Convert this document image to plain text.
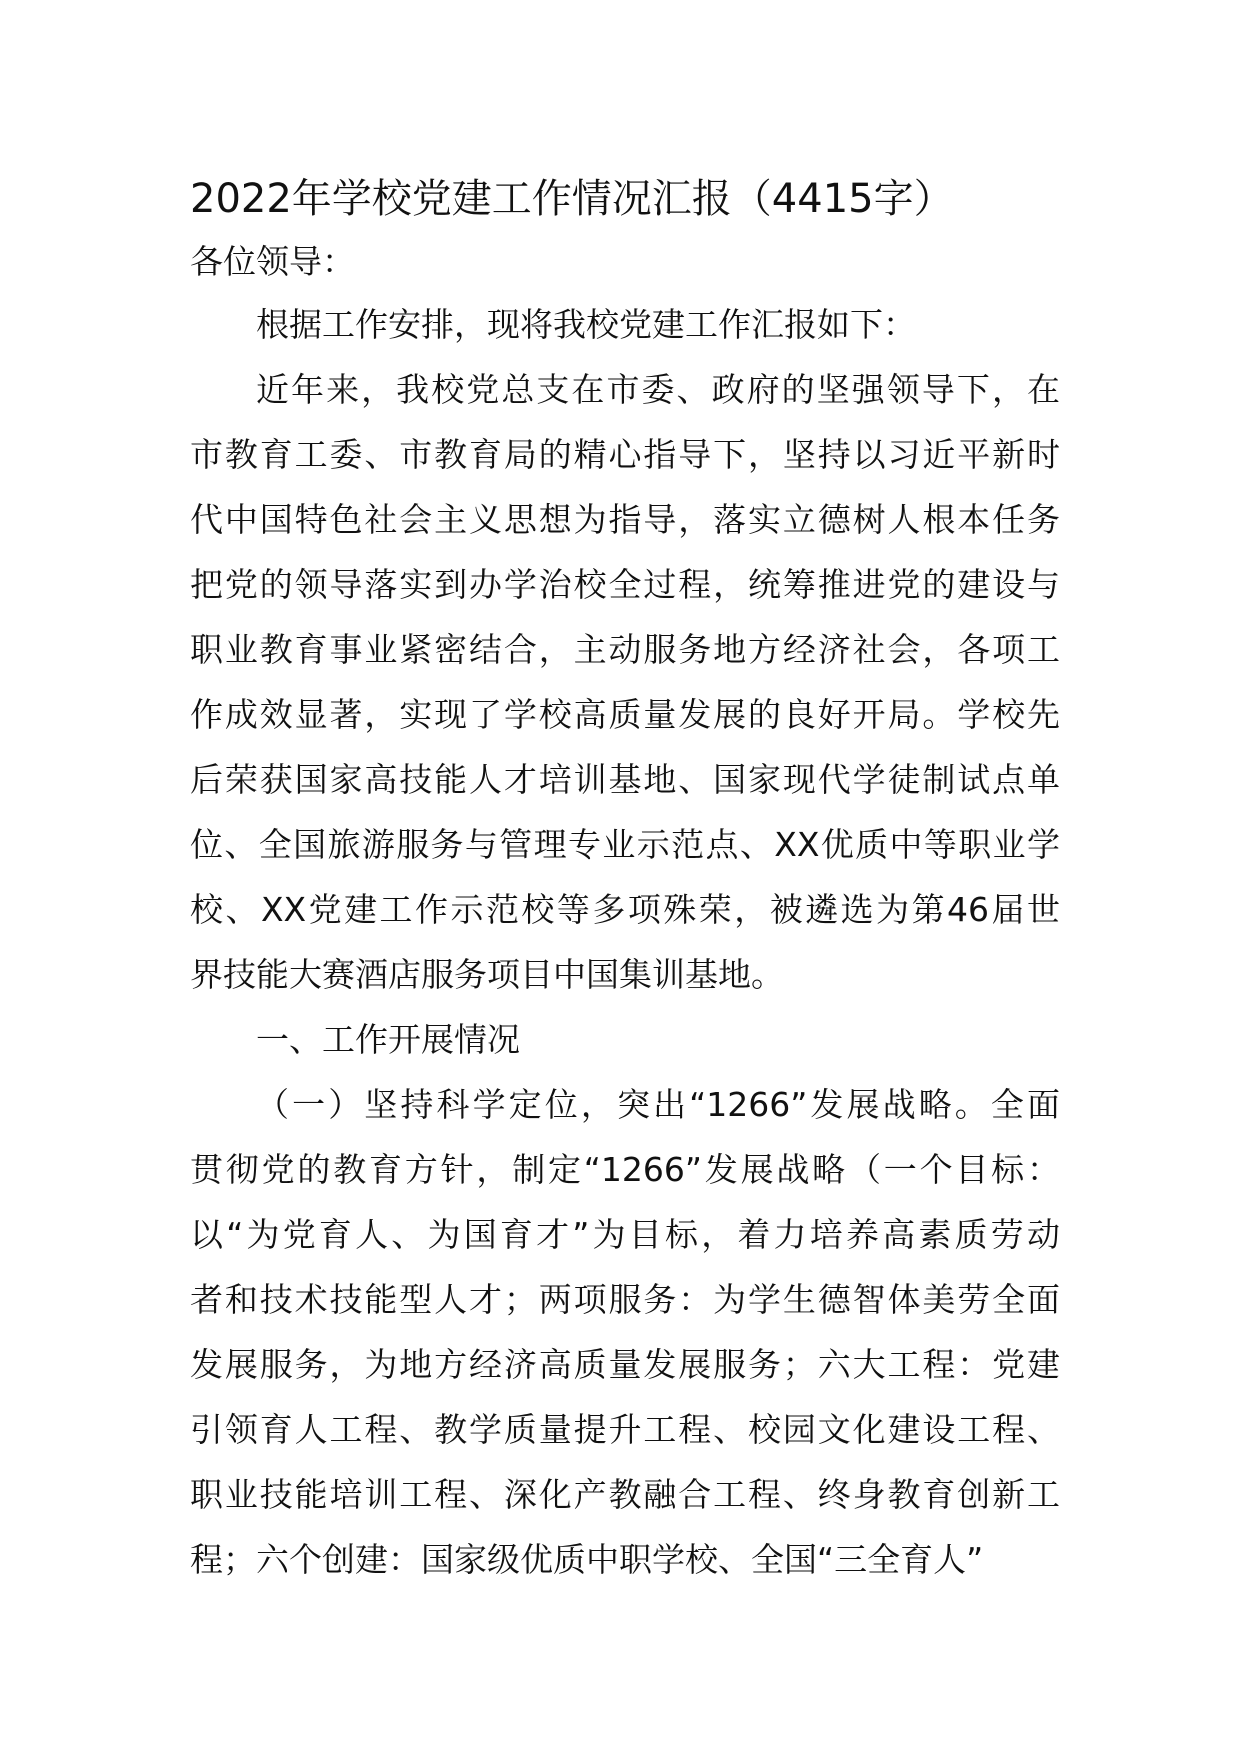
2022年学校党建工作情况汇报（4415字）
各位领导：
根据工作安排，现将我校党建工作汇报如下：
近年来，我校党总支在市委、政府的坚强领导下，在
市教育工委、市教育局的精心指导下，坚持以习近平新时
代中国特色社会主义思想为指导，落实立德树人根本任务
把党的领导落实到办学治校全过程，统筹推进党的建设与
职业教育事业紧密结合，主动服务地方经济社会，各项工
作成效显著，实现了学校高质量发展的良好开局。学校先
后荣获国家高技能人才培训基地、国家现代学徒制试点单
位、全国旅游服务与管理专业示范点、XX优质中等职业学
校、XX党建工作示范校等多项殊荣，被遴选为第46届世
界技能大赛酒店服务项目中国集训基地。
一、工作开展情况
（一）坚持科学定位，突出“1266”发展战略。全面
贯彻党的教育方针，制定“1266”发展战略（一个目标：
以“为党育人、为国育才”为目标，着力培养高素质劳动
者和技术技能型人才；两项服务：为学生德智体美劳全面
发展服务，为地方经济高质量发展服务；六大工程：党建
引领育人工程、教学质量提升工程、校园文化建设工程、
职业技能培训工程、深化产教融合工程、终身教育创新工
程；六个创建：国家级优质中职学校、全国“三全育人”
